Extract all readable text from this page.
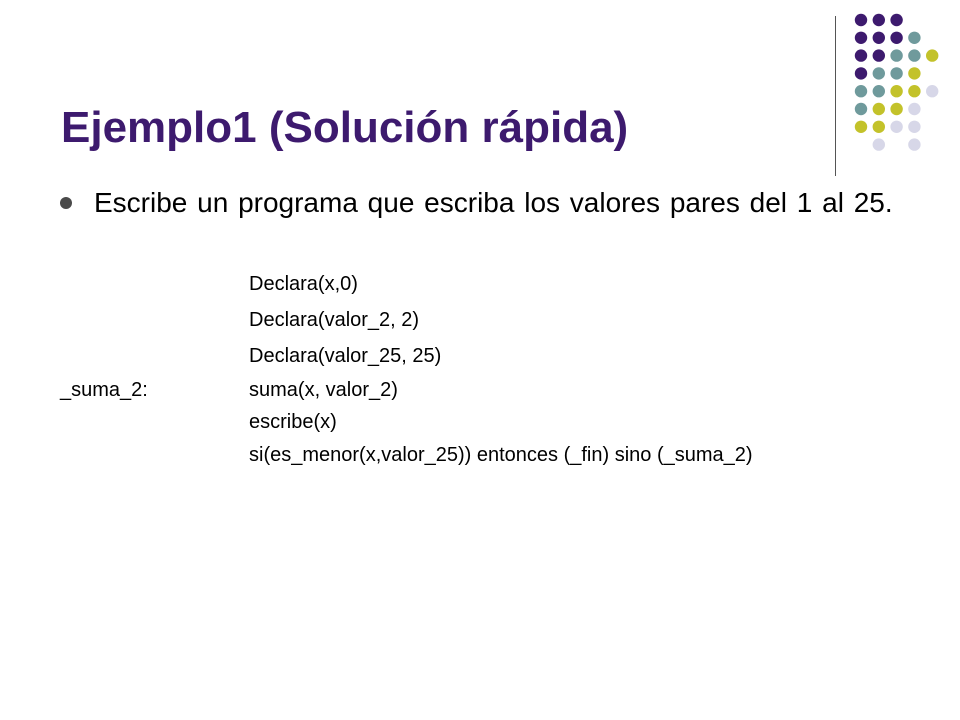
Ejemplo1 (Solución rápida)
Escribe un programa que escriba los valores pares del 1 al 25.
Declara(x,0)
Declara(valor_2, 2)
Declara(valor_25, 25)
_suma_2:	suma(x, valor_2)
escribe(x)
si(es_menor(x,valor_25)) entonces (_fin) sino (_suma_2)
